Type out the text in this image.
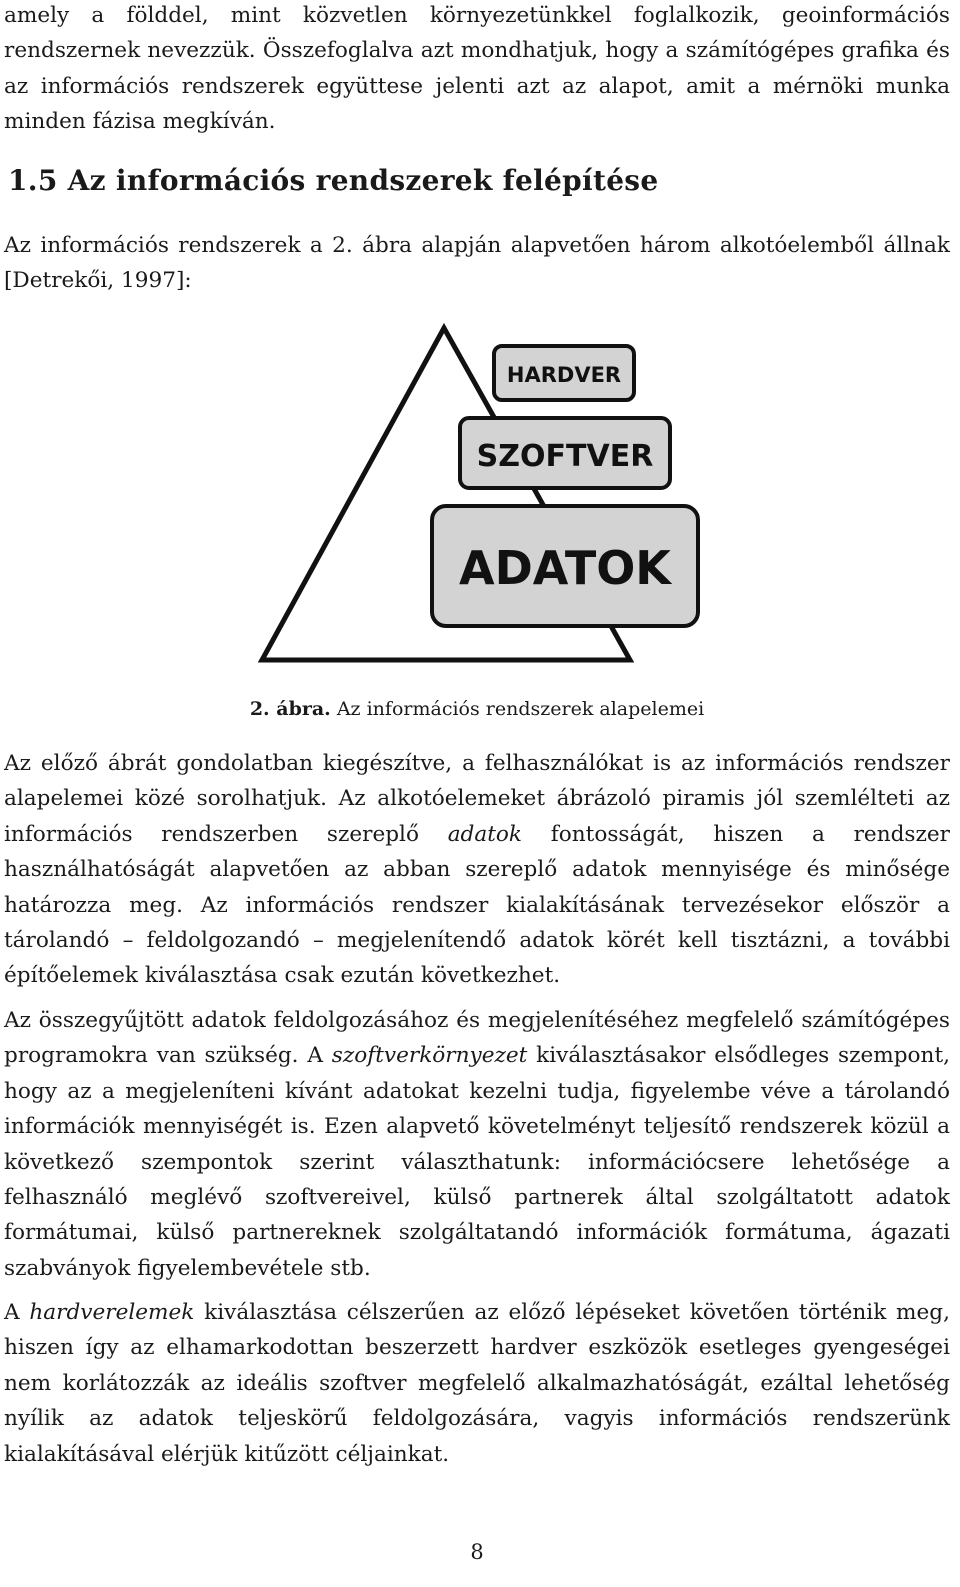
amely a földdel, mint közvetlen környezetünkkel foglalkozik, geoinformációs rendszernek nevezzük. Összefoglalva azt mondhatjuk, hogy a számítógépes grafika és az információs rendszerek együttese jelenti azt az alapot, amit a mérnöki munka minden fázisa megkíván.

1.5 Az információs rendszerek felépítése

Az információs rendszerek a 2. ábra alapján alapvetően három alkotóelemből állnak [Detrekői, 1997]:

HARDVER
SZOFTVER
ADATOK
2. ábra. Az információs rendszerek alapelemei

Az előző ábrát gondolatban kiegészítve, a felhasználókat is az információs rendszer alapelemei közé sorolhatjuk. Az alkotóelemeket ábrázoló piramis jól szemlélteti az információs rendszerben szereplő adatok fontosságát, hiszen a rendszer használhatóságát alapvetően az abban szereplő adatok mennyisége és minősége határozza meg. Az információs rendszer kialakításának tervezésekor először a tárolandó – feldolgozandó – megjelenítendő adatok körét kell tisztázni, a további építőelemek kiválasztása csak ezután következhet.

Az összegyűjtött adatok feldolgozásához és megjelenítéséhez megfelelő számítógépes programokra van szükség. A szoftverkörnyezet kiválasztásakor elsődleges szempont, hogy az a megjeleníteni kívánt adatokat kezelni tudja, figyelembe véve a tárolandó információk mennyiségét is. Ezen alapvető követelményt teljesítő rendszerek közül a következő szempontok szerint választhatunk: információcsere lehetősége a felhasználó meglévő szoftvereivel, külső partnerek által szolgáltatott adatok formátumai, külső partnereknek szolgáltatandó információk formátuma, ágazati szabványok figyelembevétele stb.

A hardverelemek kiválasztása célszerűen az előző lépéseket követően történik meg, hiszen így az elhamarkodottan beszerzett hardver eszközök esetleges gyengeségei nem korlátozzák az ideális szoftver megfelelő alkalmazhatóságát, ezáltal lehetőség nyílik az adatok teljeskörű feldolgozására, vagyis információs rendszerünk kialakításával elérjük kitűzött céljainkat.

8
